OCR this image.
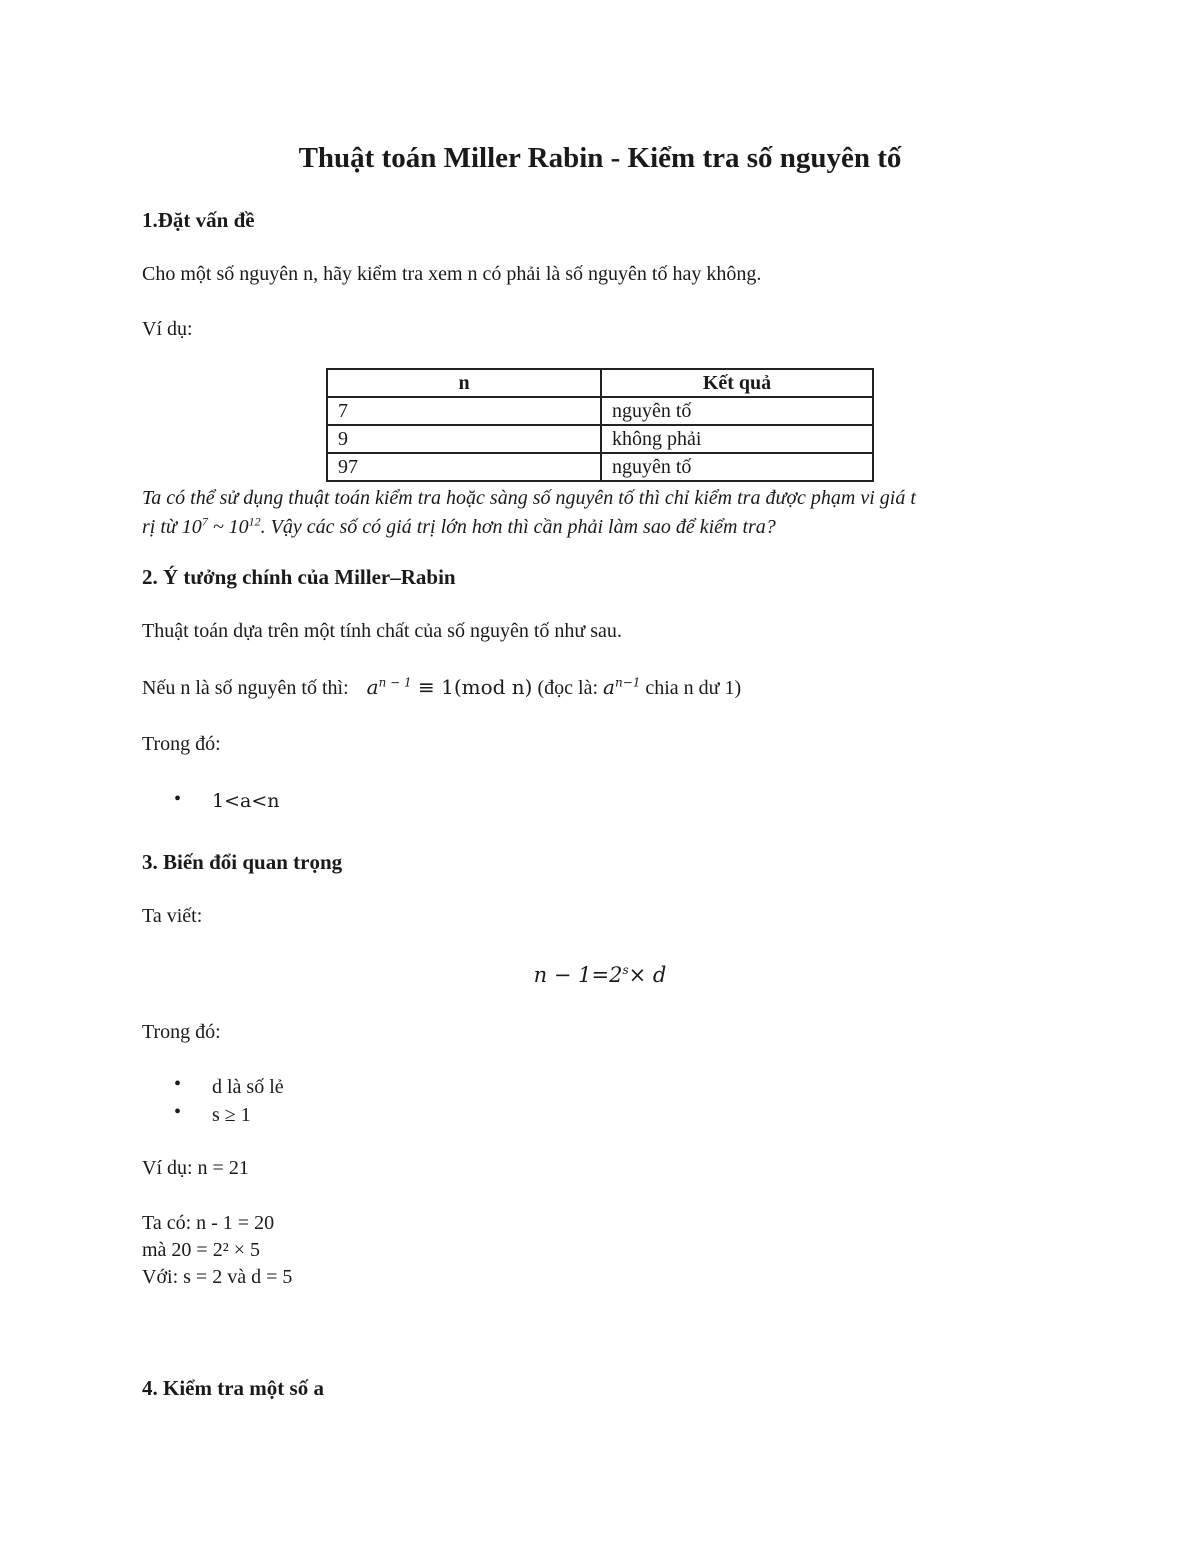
Thuật toán Miller Rabin - Kiểm tra số nguyên tố
1.Đặt vấn đề
Cho một số nguyên n, hãy kiểm tra xem n có phải là số nguyên tố hay không.
Ví dụ:
n	Kết quả
7	nguyên tố
9	không phải
97	nguyên tố
Ta có thể sử dụng thuật toán kiểm tra hoặc sàng số nguyên tố thì chỉ kiểm tra được phạm vi giá t
rị từ $10^7$ ~ $10^{12}$. Vậy các số có giá trị lớn hơn thì cần phải làm sao để kiểm tra?
2. Ý tưởng chính của Miller–Rabin
Thuật toán dựa trên một tính chất của số nguyên tố như sau.
Nếu n là số nguyên tố thì: $a^{n - 1} \equiv 1(mod$ n) (đọc là: $a^{n-1}$ chia n dư 1)
Trong đó:
• 1<a<n
3. Biến đổi quan trọng
Ta viết:
$n - 1=2^s\times d$
Trong đó:
• d là số lẻ
• s ≥ 1
Ví dụ: n = 21
Ta có: n - 1 = 20
mà 20 = 2² × 5
Với: s = 2 và d = 5
4. Kiểm tra một số a
